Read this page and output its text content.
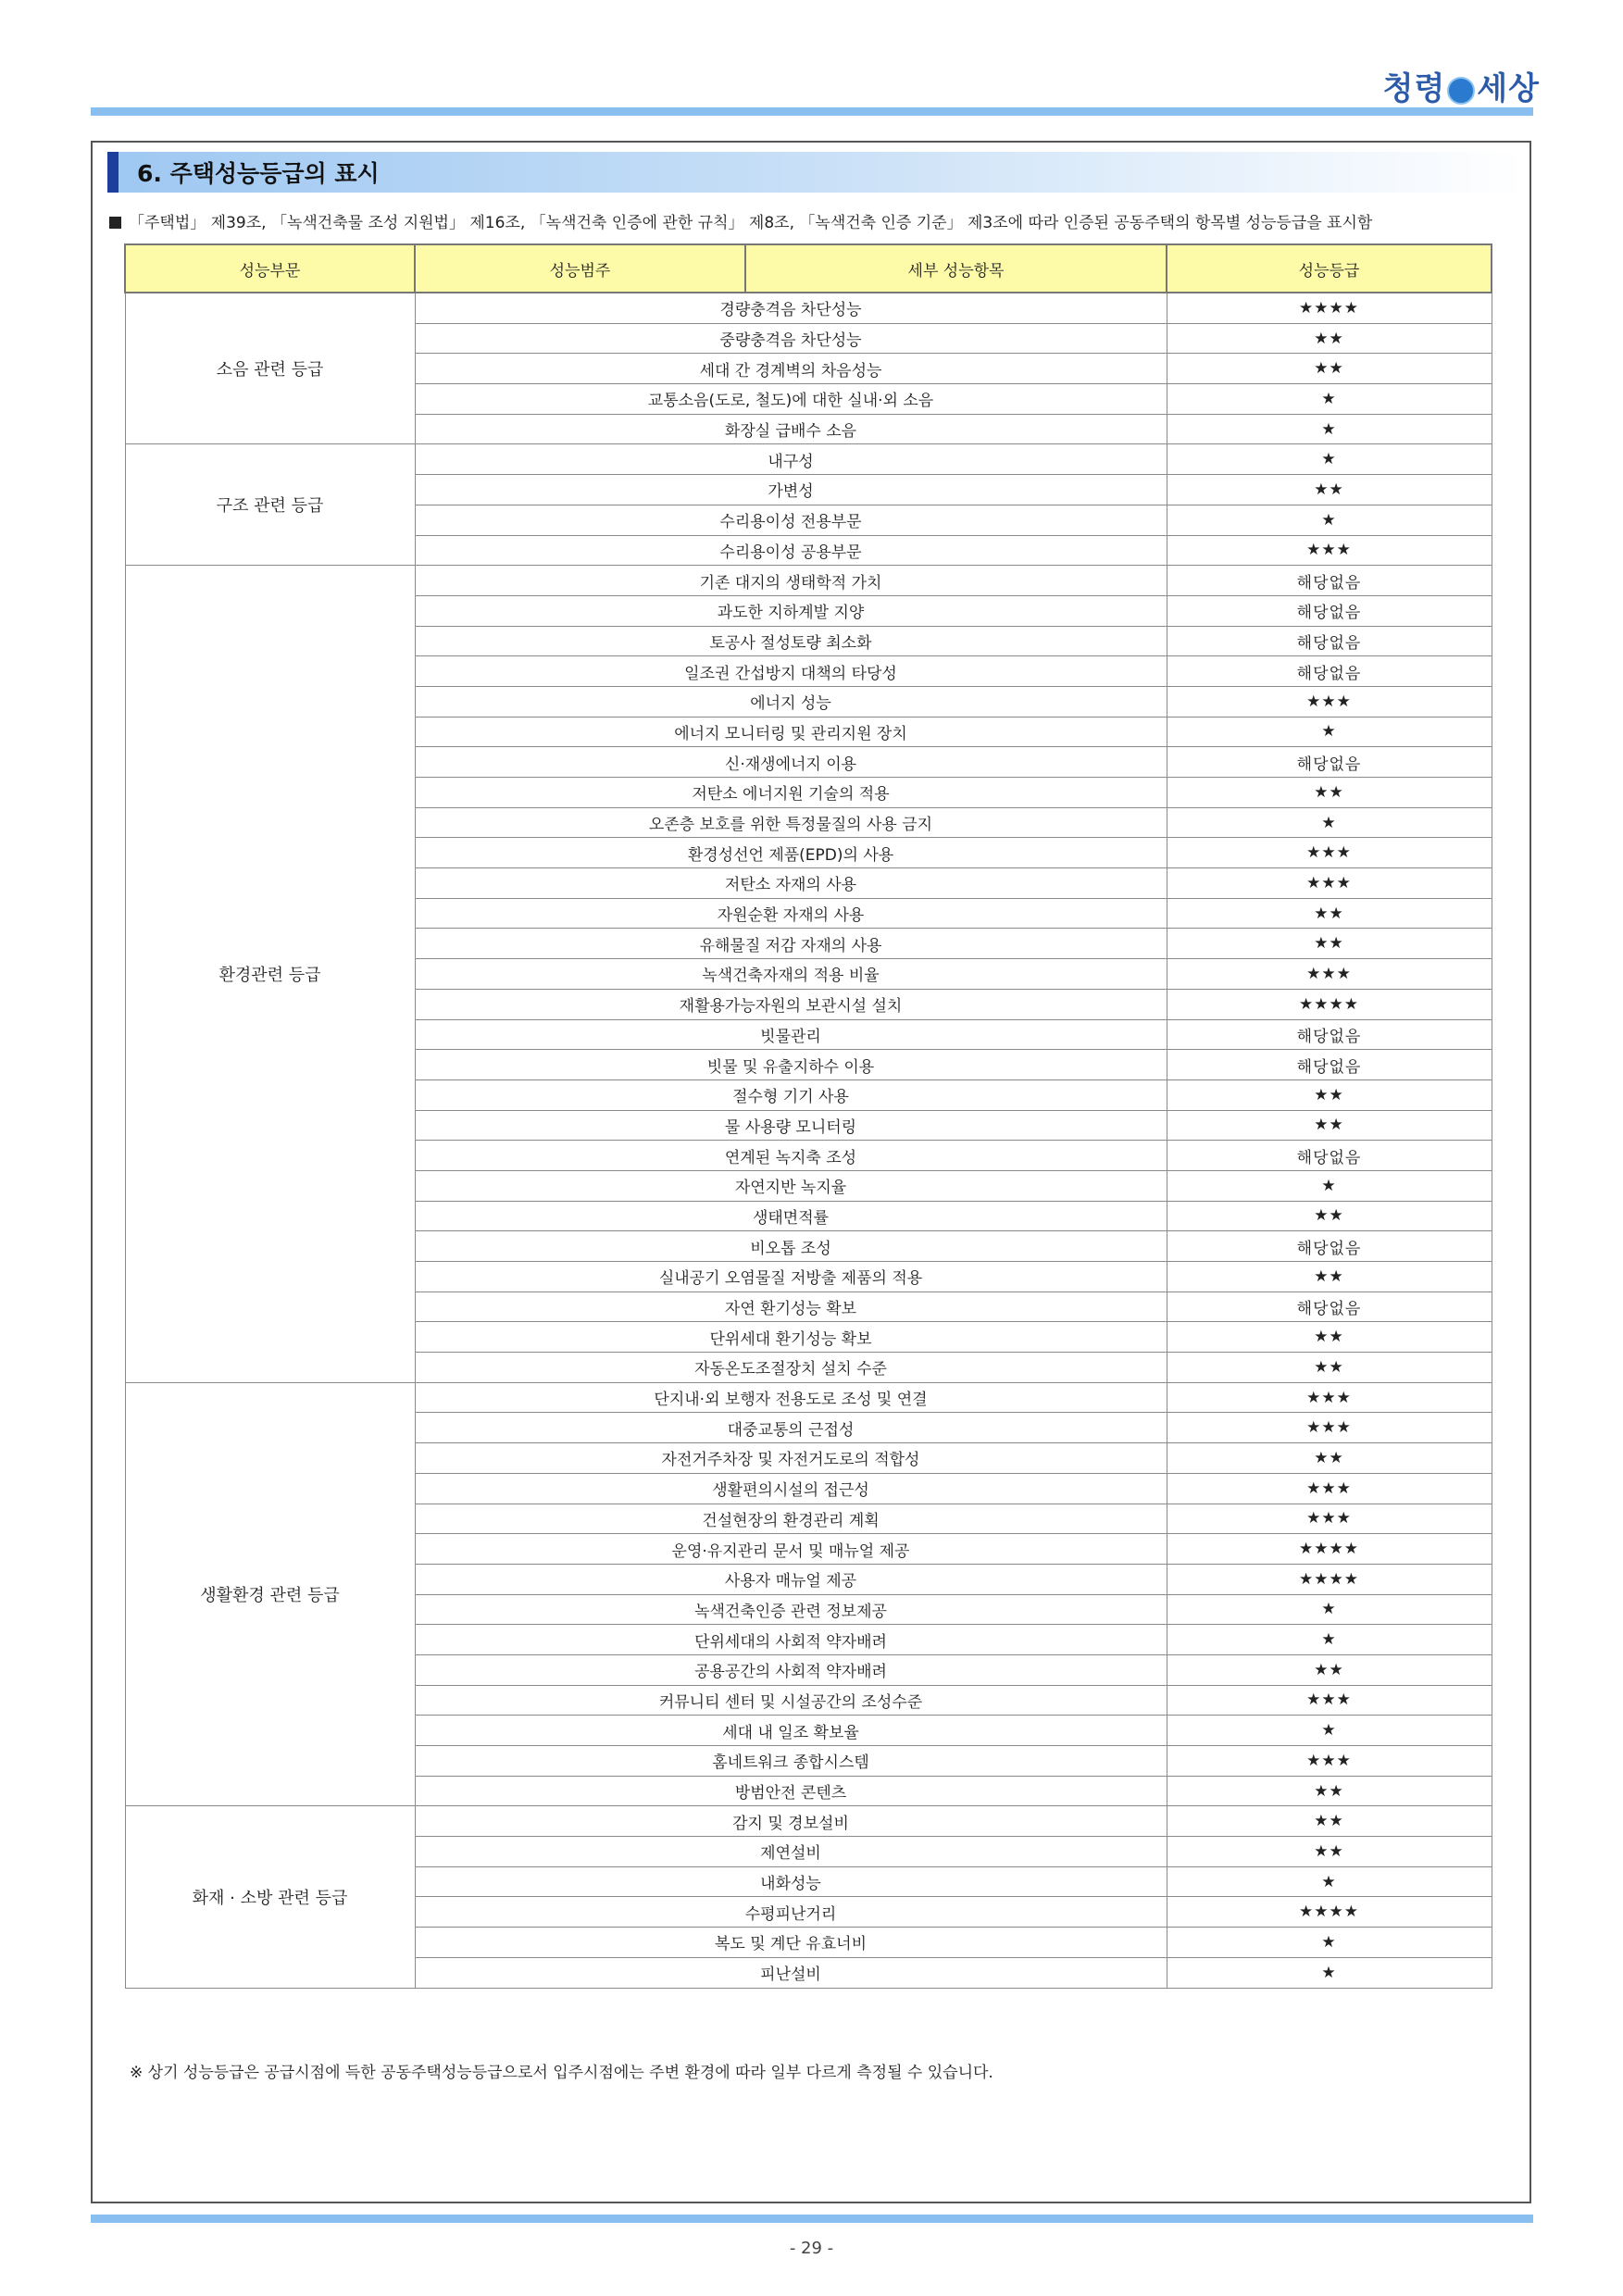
청령 세상
6. 주택성능등급의 표시
「주택법」 제39조, 「녹색건축물 조성 지원법」 제16조, 「녹색건축 인증에 관한 규칙」 제8조, 「녹색건축 인증 기준」 제3조에 따라 인증된 공동주택의 항목별 성능등급을 표시함
성능부문	성능범주	세부 성능항목	성능등급
소음 관련 등급	경량충격음 차단성능		★★★★
	중량충격음 차단성능		★★
	세대 간 경계벽의 차음성능		★★
	교통소음(도로, 철도)에 대한 실내·외 소음		★
	화장실 급배수 소음		★
구조 관련 등급	내구성		★
	가변성		★★
	수리용이성 전용부문		★
	수리용이성 공용부문		★★★
환경관련 등급	기존 대지의 생태학적 가치		해당없음
	과도한 지하계발 지양		해당없음
	토공사 절성토량 최소화		해당없음
	일조권 간섭방지 대책의 타당성		해당없음
	에너지 성능		★★★
	에너지 모니터링 및 관리지원 장치		★
	신·재생에너지 이용		해당없음
	저탄소 에너지원 기술의 적용		★★
	오존층 보호를 위한 특정물질의 사용 금지		★
	환경성선언 제품(EPD)의 사용		★★★
	저탄소 자재의 사용		★★★
	자원순환 자재의 사용		★★
	유해물질 저감 자재의 사용		★★
	녹색건축자재의 적용 비율		★★★
	재활용가능자원의 보관시설 설치		★★★★
	빗물관리		해당없음
	빗물 및 유출지하수 이용		해당없음
	절수형 기기 사용		★★
	물 사용량 모니터링		★★
	연계된 녹지축 조성		해당없음
	자연지반 녹지율		★
	생태면적률		★★
	비오톱 조성		해당없음
	실내공기 오염물질 저방출 제품의 적용		★★
	자연 환기성능 확보		해당없음
	단위세대 환기성능 확보		★★
	자동온도조절장치 설치 수준		★★
생활환경 관련 등급	단지내·외 보행자 전용도로 조성 및 연결		★★★
	대중교통의 근접성		★★★
	자전거주차장 및 자전거도로의 적합성		★★
	생활편의시설의 접근성		★★★
	건설현장의 환경관리 계획		★★★
	운영·유지관리 문서 및 매뉴얼 제공		★★★★
	사용자 매뉴얼 제공		★★★★
	녹색건축인증 관련 정보제공		★
	단위세대의 사회적 약자배려		★
	공용공간의 사회적 약자배려		★★
	커뮤니티 센터 및 시설공간의 조성수준		★★★
	세대 내 일조 확보율		★
	홈네트워크 종합시스템		★★★
	방범안전 콘텐츠		★★
화재 · 소방 관련 등급	감지 및 경보설비		★★
	제연설비		★★
	내화성능		★
	수평피난거리		★★★★
	복도 및 계단 유효너비		★
	피난설비		★
※ 상기 성능등급은 공급시점에 득한 공동주택성능등급으로서 입주시점에는 주변 환경에 따라 일부 다르게 측정될 수 있습니다.
- 29 -
